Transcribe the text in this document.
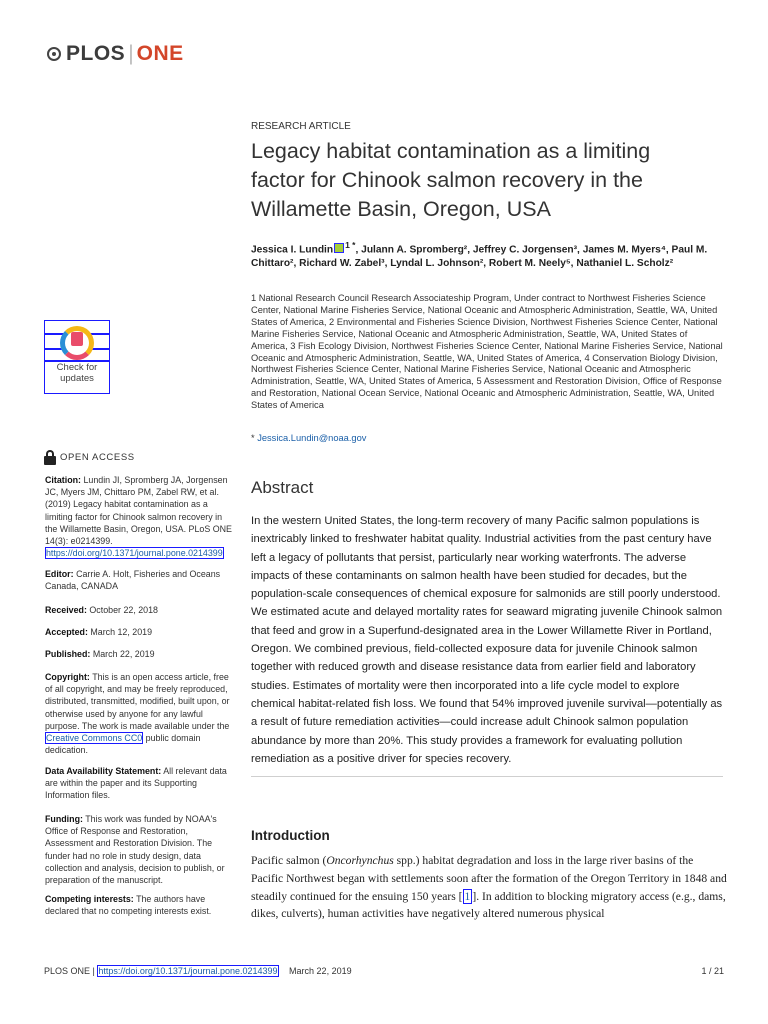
PLOS | ONE
RESEARCH ARTICLE
Legacy habitat contamination as a limiting factor for Chinook salmon recovery in the Willamette Basin, Oregon, USA
Jessica I. Lundin $^{1 *}$, Julann A. Spromberg², Jeffrey C. Jorgensen³, James M. Myers⁴, Paul M. Chittaro², Richard W. Zabel³, Lyndal L. Johnson², Robert M. Neely⁵, Nathaniel L. Scholz²
1 National Research Council Research Associateship Program, Under contract to Northwest Fisheries Science Center, National Marine Fisheries Service, National Oceanic and Atmospheric Administration, Seattle, WA, United States of America, 2 Environmental and Fisheries Science Division, Northwest Fisheries Science Center, National Marine Fisheries Service, National Oceanic and Atmospheric Administration, Seattle, WA, United States of America, 3 Fish Ecology Division, Northwest Fisheries Science Center, National Marine Fisheries Service, National Oceanic and Atmospheric Administration, Seattle, WA, United States of America, 4 Conservation Biology Division, Northwest Fisheries Science Center, National Marine Fisheries Service, National Oceanic and Atmospheric Administration, Seattle, WA, United States of America, 5 Assessment and Restoration Division, Office of Response and Restoration, National Ocean Service, National Oceanic and Atmospheric Administration, Seattle, WA, United States of America
* Jessica.Lundin@noaa.gov
Check for updates
OPEN ACCESS
Citation: Lundin JI, Spromberg JA, Jorgensen JC, Myers JM, Chittaro PM, Zabel RW, et al. (2019) Legacy habitat contamination as a limiting factor for Chinook salmon recovery in the Willamette Basin, Oregon, USA. PLoS ONE 14(3): e0214399. https://doi.org/10.1371/journal.pone.0214399
Editor: Carrie A. Holt, Fisheries and Oceans Canada, CANADA
Received: October 22, 2018
Accepted: March 12, 2019
Published: March 22, 2019
Copyright: This is an open access article, free of all copyright, and may be freely reproduced, distributed, transmitted, modified, built upon, or otherwise used by anyone for any lawful purpose. The work is made available under the Creative Commons CC0 public domain dedication.
Data Availability Statement: All relevant data are within the paper and its Supporting Information files.
Funding: This work was funded by NOAA's Office of Response and Restoration, Assessment and Restoration Division. The funder had no role in study design, data collection and analysis, decision to publish, or preparation of the manuscript.
Competing interests: The authors have declared that no competing interests exist.
Abstract

In the western United States, the long-term recovery of many Pacific salmon populations is inextricably linked to freshwater habitat quality. Industrial activities from the past century have left a legacy of pollutants that persist, particularly near working waterfronts. The adverse impacts of these contaminants on salmon health have been studied for decades, but the population-scale consequences of chemical exposure for salmonids are still poorly understood. We estimated acute and delayed mortality rates for seaward migrating juvenile Chinook salmon that feed and grow in a Superfund-designated area in the Lower Willamette River in Portland, Oregon. We combined previous, field-collected exposure data for juvenile Chinook salmon together with reduced growth and disease resistance data from earlier field and laboratory studies. Estimates of mortality were then incorporated into a life cycle model to explore chemical habitat-related fish loss. We found that 54% improved juvenile survival—potentially as a result of future remediation activities—could increase adult Chinook salmon population abundance by more than 20%. This study provides a framework for evaluating pollution remediation as a positive driver for species recovery.

Introduction

Pacific salmon (Oncorhynchus spp.) habitat degradation and loss in the large river basins of the Pacific Northwest began with settlements soon after the formation of the Oregon Territory in 1848 and steadily continued for the ensuing 150 years [ 1 ]. In addition to blocking migratory access (e.g., dams, dikes, culverts), human activities have negatively altered numerous physical

PLOS ONE | https://doi.org/10.1371/journal.pone.0214399 March 22, 2019	1 / 21
